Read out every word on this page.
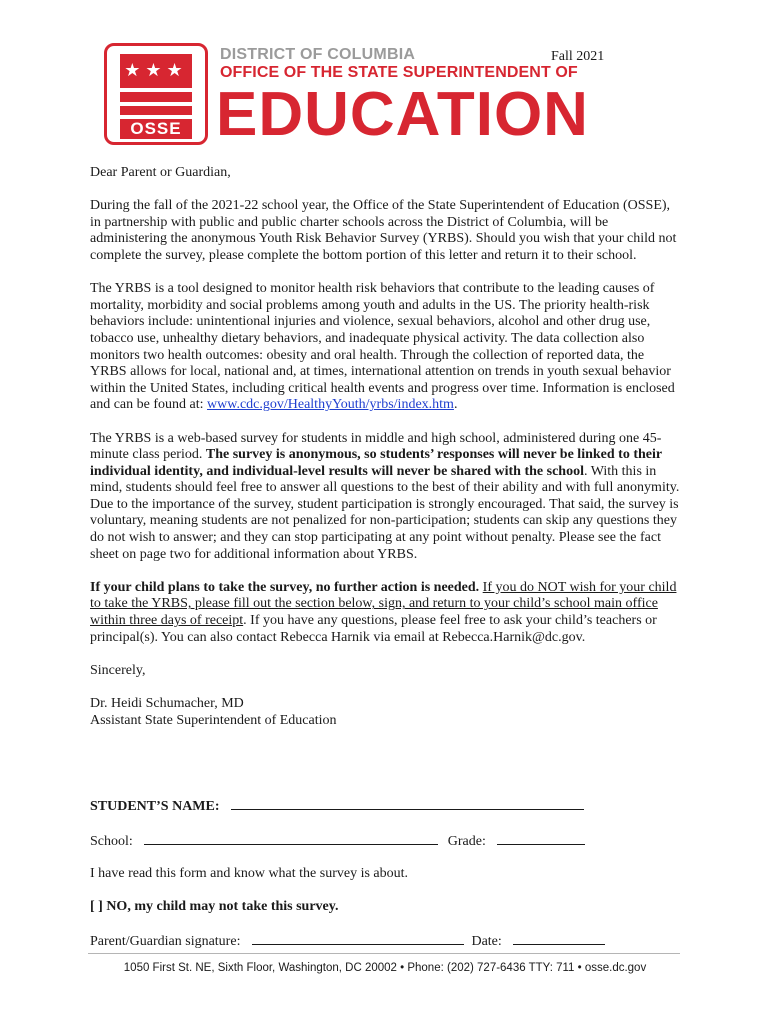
★★★
OSSE
DISTRICT OF COLUMBIA
OFFICE OF THE STATE SUPERINTENDENT OF
EDUCATION
Fall 2021

Dear Parent or Guardian,

During the fall of the 2021-22 school year, the Office of the State Superintendent of Education (OSSE), in partnership with public and public charter schools across the District of Columbia, will be administering the anonymous Youth Risk Behavior Survey (YRBS). Should you wish that your child not complete the survey, please complete the bottom portion of this letter and return it to their school.

The YRBS is a tool designed to monitor health risk behaviors that contribute to the leading causes of mortality, morbidity and social problems among youth and adults in the US. The priority health-risk behaviors include: unintentional injuries and violence, sexual behaviors, alcohol and other drug use, tobacco use, unhealthy dietary behaviors, and inadequate physical activity. The data collection also monitors two health outcomes: obesity and oral health. Through the collection of reported data, the YRBS allows for local, national and, at times, international attention on trends in youth sexual behavior within the United States, including critical health events and progress over time. Information is enclosed and can be found at: www.cdc.gov/HealthyYouth/yrbs/index.htm.

The YRBS is a web-based survey for students in middle and high school, administered during one 45-minute class period. The survey is anonymous, so students’ responses will never be linked to their individual identity, and individual-level results will never be shared with the school. With this in mind, students should feel free to answer all questions to the best of their ability and with full anonymity. Due to the importance of the survey, student participation is strongly encouraged. That said, the survey is voluntary, meaning students are not penalized for non-participation; students can skip any questions they do not wish to answer; and they can stop participating at any point without penalty. Please see the fact sheet on page two for additional information about YRBS.

If your child plans to take the survey, no further action is needed. If you do NOT wish for your child to take the YRBS, please fill out the section below, sign, and return to your child’s school main office within three days of receipt. If you have any questions, please feel free to ask your child’s teachers or principal(s). You can also contact Rebecca Harnik via email at Rebecca.Harnik@dc.gov.

Sincerely,

Dr. Heidi Schumacher, MD
Assistant State Superintendent of Education
STUDENT’S NAME:
School:	Grade:
I have read this form and know what the survey is about.
[ ] NO, my child may not take this survey.
Parent/Guardian signature:	Date:
1050 First St. NE, Sixth Floor, Washington, DC 20002 • Phone: (202) 727-6436 TTY: 711 • osse.dc.gov
